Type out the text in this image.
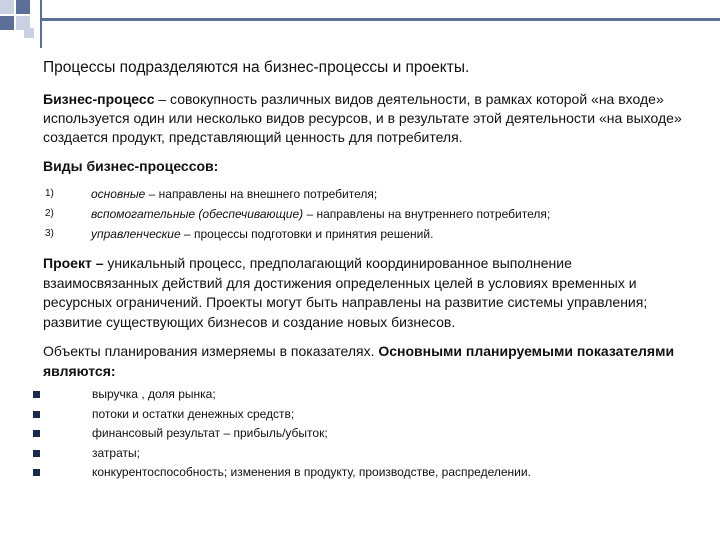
Процессы подразделяются на бизнес-процессы и проекты.

Бизнес-процесс – совокупность различных видов деятельности, в рамках которой «на входе» используется один или несколько видов ресурсов, и в результате этой деятельности «на выходе» создается продукт, представляющий ценность для потребителя.

Виды бизнес-процессов:

1)	основные – направлены на внешнего потребителя;
2)	вспомогательные (обеспечивающие) – направлены на внутреннего потребителя;
3)	управленческие – процессы подготовки и принятия решений.

Проект – уникальный процесс, предполагающий координированное выполнение взаимосвязанных действий для достижения определенных целей в условиях временных и ресурсных ограничений. Проекты могут быть направлены на развитие системы управления; развитие существующих бизнесов и создание новых бизнесов.

Объекты планирования измеряемы в показателях. Основными планируемыми показателями являются:

выручка , доля рынка;
потоки и остатки денежных средств;
финансовый результат – прибыль/убыток;
затраты;
конкурентоспособность; изменения в продукту, производстве, распределении.
